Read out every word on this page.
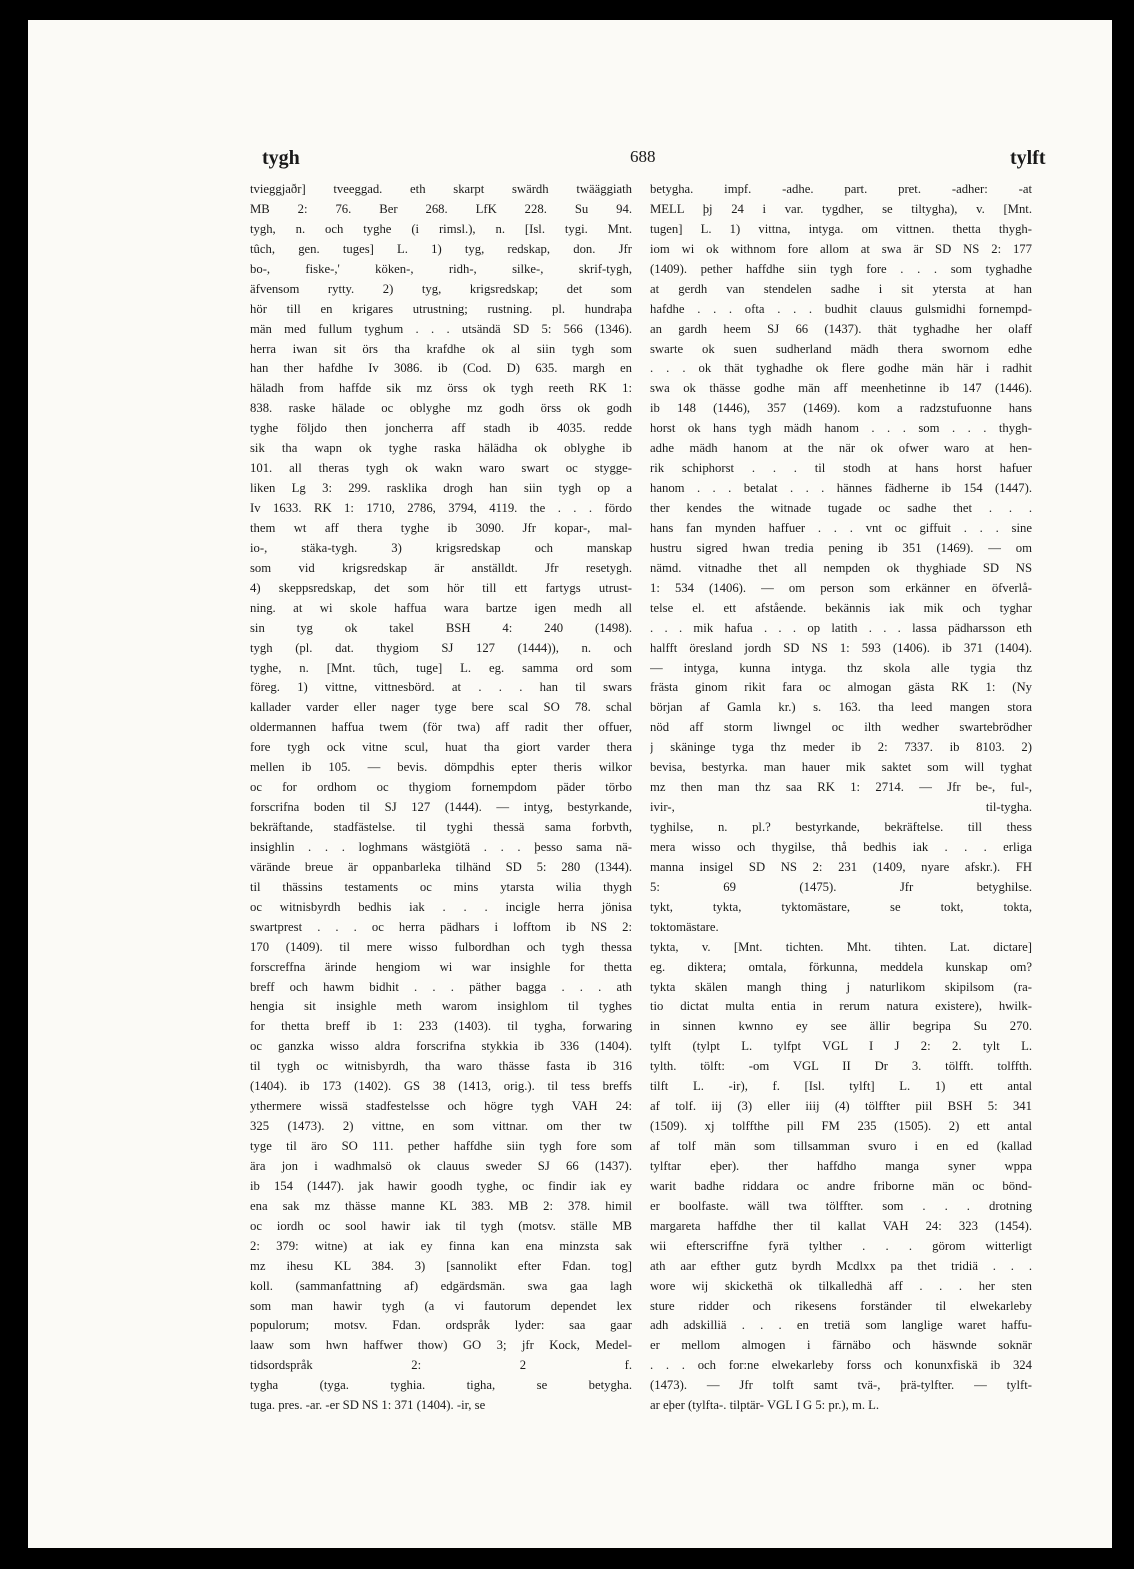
tygh	688	tylft
tvieggjaðr] tveeggad. eth skarpt swärdh twääggiath
MB 2: 76. Ber 268. LfK 228. Su 94.
tygh, n. och tyghe (i rimsl.), n. [Isl. tygi. Mnt.
tûch, gen. tuges] L. 1) tyg, redskap, don. Jfr
bo-, fiske-,' köken-, ridh-, silke-, skrif-tygh,
äfvensom rytty. 2) tyg, krigsredskap; det som
hör till en krigares utrustning; rustning. pl. hundraþa
män med fullum tyghum . . . utsändä SD 5: 566 (1346).
herra iwan sit örs tha krafdhe ok al siin tygh som
han ther hafdhe Iv 3086. ib (Cod. D) 635. margh en
häladh from haffde sik mz örss ok tygh reeth RK 1:
838. raske hälade oc oblyghe mz godh örss ok godh
tyghe följdo then joncherra aff stadh ib 4035. redde
sik tha wapn ok tyghe raska hälädha ok oblyghe ib
101. all theras tygh ok wakn waro swart oc stygge-
liken Lg 3: 299. rasklika drogh han siin tygh op a
Iv 1633. RK 1: 1710, 2786, 3794, 4119. the . . . fördo
them wt aff thera tyghe ib 3090. Jfr kopar-, mal-
io-, stäka-tygh. 3) krigsredskap och manskap
som vid krigsredskap är anställdt. Jfr resetygh.
4) skeppsredskap, det som hör till ett fartygs utrust-
ning. at wi skole haffua wara bartze igen medh all
sin tyg ok takel BSH 4: 240 (1498).
tygh (pl. dat. thygiom SJ 127 (1444)), n. och
tyghe, n. [Mnt. tûch, tuge] L. eg. samma ord som
föreg. 1) vittne, vittnesbörd. at . . . han til swars
kallader varder eller nager tyge bere scal SO 78. schal
oldermannen haffua twem (för twa) aff radit ther offuer,
fore tygh ock vitne scul, huat tha giort varder thera
mellen ib 105. — bevis. dömpdhis epter theris wilkor
oc for ordhom oc thygiom fornempdom päder törbo
forscrifna boden til SJ 127 (1444). — intyg, bestyrkande,
bekräftande, stadfästelse. til tyghi thessä sama forbvth,
insighlin . . . loghmans wästgiötä . . . þesso sama nä-
värände breue är oppanbarleka tilhänd SD 5: 280 (1344).
til thässins testaments oc mins ytarsta wilia thygh
oc witnisbyrdh bedhis iak . . . incigle herra jönisa
swartprest . . . oc herra pädhars i lofftom ib NS 2:
170 (1409). til mere wisso fulbordhan och tygh thessa
forscreffna ärinde hengiom wi war insighle for thetta
breff och hawm bidhit . . . päther bagga . . . ath
hengia sit insighle meth warom insighlom til tyghes
for thetta breff ib 1: 233 (1403). til tygha, forwaring
oc ganzka wisso aldra forscrifna stykkia ib 336 (1404).
til tygh oc witnisbyrdh, tha waro thässe fasta ib 316
(1404). ib 173 (1402). GS 38 (1413, orig.). til tess breffs
ythermere wissä stadfestelsse och högre tygh VAH 24:
325 (1473). 2) vittne, en som vittnar. om ther tw
tyge til äro SO 111. pether haffdhe siin tygh fore som
ära jon i wadhmalsö ok clauus sweder SJ 66 (1437).
ib 154 (1447). jak hawir goodh tyghe, oc findir iak ey
ena sak mz thässe manne KL 383. MB 2: 378. himil
oc iordh oc sool hawir iak til tygh (motsv. ställe MB
2: 379: witne) at iak ey finna kan ena minzsta sak
mz ihesu KL 384. 3) [sannolikt efter Fdan. tog]
koll. (sammanfattning af) edgärdsmän. swa gaa lagh
som man hawir tygh (a vi fautorum dependet lex
populorum; motsv. Fdan. ordspråk lyder: saa gaar
laaw som hwn haffwer thow) GO 3; jfr Kock, Medel-
tidsordspråk 2: 2 f.
tygha (tyga. tyghia. tigha, se betygha.
tuga. pres. -ar. -er SD NS 1: 371 (1404). -ir, se
betygha. impf. -adhe. part. pret. -adher: -at
MELL þj 24 i var. tygdher, se tiltygha), v. [Mnt.
tugen] L. 1) vittna, intyga. om vittnen. thetta thygh-
iom wi ok withnom fore allom at swa är SD NS 2: 177
(1409). pether haffdhe siin tygh fore . . . som tyghadhe
at gerdh van stendelen sadhe i sit ytersta at han
hafdhe . . . ofta . . . budhit clauus gulsmidhi fornempd-
an gardh heem SJ 66 (1437). thät tyghadhe her olaff
swarte ok suen sudherland mädh thera swornom edhe
. . . ok thät tyghadhe ok flere godhe män här i radhit
swa ok thässe godhe män aff meenhetinne ib 147 (1446).
ib 148 (1446), 357 (1469). kom a radzstufuonne hans
horst ok hans tygh mädh hanom . . . som . . . thygh-
adhe mädh hanom at the när ok ofwer waro at hen-
rik schiphorst . . . til stodh at hans horst hafuer
hanom . . . betalat . . . hännes fädherne ib 154 (1447).
ther kendes the witnade tugade oc sadhe thet . . .
hans fan mynden haffuer . . . vnt oc giffuit . . . sine
hustru sigred hwan tredia pening ib 351 (1469). — om
nämd. vitnadhe thet all nempden ok thyghiade SD NS
1: 534 (1406). — om person som erkänner en öfverlå-
telse el. ett afstående. bekännis iak mik och tyghar
. . . mik hafua . . . op latith . . . lassa pädharsson eth
halfft öresland jordh SD NS 1: 593 (1406). ib 371 (1404).
— intyga, kunna intyga. thz skola alle tygia thz
frästa ginom rikit fara oc almogan gästa RK 1: (Ny
början af Gamla kr.) s. 163. tha leed mangen stora
nöd aff storm liwngel oc ilth wedher swartebrödher
j skäninge tyga thz meder ib 2: 7337. ib 8103. 2)
bevisa, bestyrka. man hauer mik saktet som will tyghat
mz then man thz saa RK 1: 2714. — Jfr be-, ful-,
ivir-, til-tygha.
tyghilse, n. pl.? bestyrkande, bekräftelse. till thess
mera wisso och thygilse, thå bedhis iak . . . erliga
manna insigel SD NS 2: 231 (1409, nyare afskr.). FH
5: 69 (1475). Jfr betyghilse.
tykt, tykta, tyktomästare, se tokt, tokta,
toktomästare.
tykta, v. [Mnt. tichten. Mht. tihten. Lat. dictare]
eg. diktera; omtala, förkunna, meddela kunskap om?
tykta skälen mangh thing j naturlikom skipilsom (ra-
tio dictat multa entia in rerum natura existere), hwilk-
in sinnen kwnno ey see ällir begripa Su 270.
tylft (tylpt L. tylfpt VGL I J 2: 2. tylt L.
tylth. tölft: -om VGL II Dr 3. tölfft. tolffth.
tilft L. -ir), f. [Isl. tylft] L. 1) ett antal
af tolf. iij (3) eller iiij (4) tölffter piil BSH 5: 341
(1509). xj tolffthe pill FM 235 (1505). 2) ett antal
af tolf män som tillsamman svuro i en ed (kallad
tylftar eþer). ther haffdho manga syner wppa
warit badhe riddara oc andre friborne män oc bönd-
er boolfaste. wäll twa tölffter. som . . . drotning
margareta haffdhe ther til kallat VAH 24: 323 (1454).
wii efterscriffne fyrä tylther . . . görom witterligt
ath aar efther gutz byrdh Mcdlxx pa thet tridiä . . .
wore wij skickethä ok tilkalledhä aff . . . her sten
sture ridder och rikesens forständer til elwekarleby
adh adskilliä . . . en tretiä som langlige waret haffu-
er mellom almogen i färnäbo och häswnde soknär
. . . och for:ne elwekarleby forss och konunxfiskä ib 324
(1473). — Jfr tolft samt tvä-, þrä-tylfter. — tylft-
ar eþer (tylfta-. tilptär- VGL I G 5: pr.), m. L.
